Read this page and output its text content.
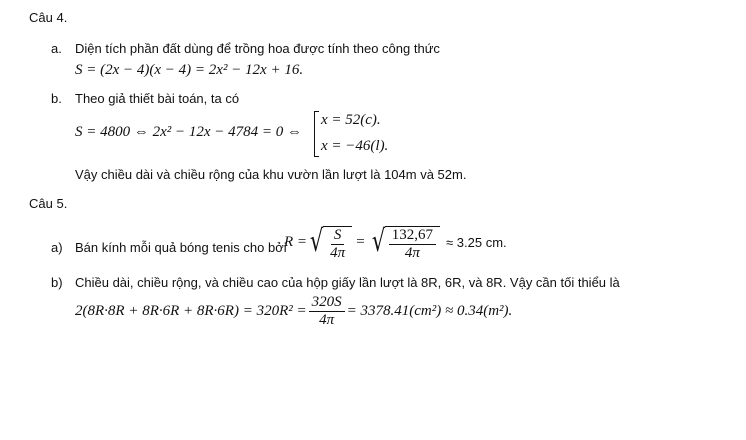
Câu 4.
a. Diện tích phần đất dùng để trồng hoa được tính theo công thức
S = (2x − 4)(x − 4) = 2x² − 12x + 16.
b. Theo giả thiết bài toán, ta có
S = 4800 ⇔ 2x² − 12x − 4784 = 0 ⇔
x = 52(c).
x = −46(l).
Vậy chiều dài và chiều rộng của khu vườn lần lượt là 104m và 52m.
Câu 5.
a) Bán kính mỗi quả bóng tenis cho bởi
R = √ $\frac{S}{4\pi}$ = √ $\frac{132,67}{4\pi} \approx 3.25$ cm.
b) Chiều dài, chiều rộng, và chiều cao của hộp giấy lần lượt là 8R, 6R, và 8R. Vậy cần tối thiểu là
$2(8R\cdot 8R + 8R\cdot 6R + 8R\cdot 6R) = 320R^2 = \frac{320S}{4\pi} = 3378.41(cm^2) \approx 0.34(m^2)$.
